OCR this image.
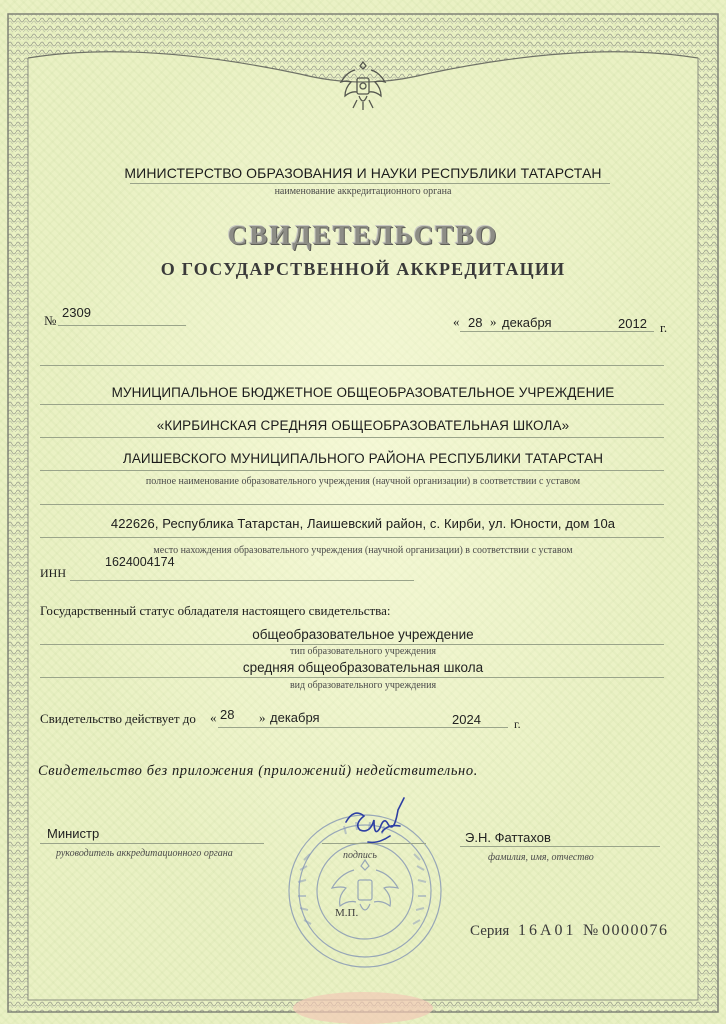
МИНИСТЕРСТВО ОБРАЗОВАНИЯ И НАУКИ РЕСПУБЛИКИ ТАТАРСТАН
наименование аккредитационного органа
СВИДЕТЕЛЬСТВО
О ГОСУДАРСТВЕННОЙ АККРЕДИТАЦИИ
№
2309
« 28 » декабря	2012 г.
МУНИЦИПАЛЬНОЕ БЮДЖЕТНОЕ ОБЩЕОБРАЗОВАТЕЛЬНОЕ УЧРЕЖДЕНИЕ
«КИРБИНСКАЯ СРЕДНЯЯ ОБЩЕОБРАЗОВАТЕЛЬНАЯ ШКОЛА»
ЛАИШЕВСКОГО МУНИЦИПАЛЬНОГО РАЙОНА РЕСПУБЛИКИ ТАТАРСТАН
полное наименование образовательного учреждения (научной организации) в соответствии с уставом
422626, Республика Татарстан, Лаишевский район, с. Кирби, ул. Юности, дом 10а
место нахождения образовательного учреждения (научной организации) в соответствии с уставом
ИНН
1624004174
Государственный статус обладателя настоящего свидетельства:
общеобразовательное учреждение
тип образовательного учреждения
средняя общеобразовательная школа
вид образовательного учреждения
Свидетельство действует до « 28 » декабря	2024	г.
Свидетельство без приложения (приложений) недействительно.
Министр
руководитель аккредитационного органа	подпись
М.П.
Э.Н. Фаттахов
фамилия, имя, отчество
Серия 16А01 № 0000076
